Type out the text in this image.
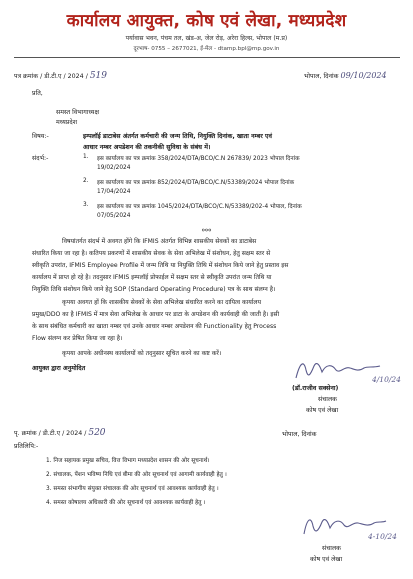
कार्यालय आयुक्त, कोष एवं लेखा, मध्यप्रदेश
पर्यावास भवन, पंचम तल, खंड-अ, जेल रोड़, अरेरा हिल्स, भोपाल (म.प्र)
दूरभाष- 0755 – 2677021, ई-मेल - dtamp.bpl@mp.gov.in
पत्र क्रमांक / डी.टी.ए / 2024 / 519	भोपाल, दिनांक 09/10/2024
प्रति,
समस्त विभागाध्यक्ष
मध्यप्रदेश
विषय:-	इम्पलॉई डाटाबेस अंतर्गत कर्मचारी की जन्म तिथि, नियुक्ति दिनांक, खाता नम्बर एवं
आधार नम्बर अपडेशन की तकनीकी सुविधा के संबंध में।
संदर्भ:-	1. इस कार्यालय का पत्र क्रमांक 358/2024/DTA/BCO/C.N 267839/ 2023 भोपाल दिनांक
19/02/2024
2. इस कार्यालय का पत्र क्रमांक 852/2024/DTA/BCO/C.N/53389/2024 भोपाल दिनांक
17/04/2024
3. इस कार्यालय का पत्र क्रमांक 1045/2024/DTA/BCO/C.N/53389/202-4 भोपाल, दिनांक
07/05/2024
०००
विषयांतर्गत संदर्भ में अवगत होंगे कि IFMIS अंतर्गत विभिन्न शासकीय सेवकों का डाटाबेस
संधारित किया जा रहा है। कतिपय प्रकरणों में शासकीय सेवक के सेवा अभिलेख में संशोधन, हेतु सक्षम स्तर से
स्वीकृति उपरांत, IFMIS Employee Profile में जन्म तिथि या नियुक्ति तिथि में संशोधन किये जाने हेतु प्रस्ताव इस
कार्यालय में प्राप्त हो रहे है। तदनुसार IFMIS इम्पलॉई प्रोफाईल में सक्षम स्तर से स्वीकृति उपरांत जन्म तिथि या
नियुक्ति तिथि संशोधन किये जाने हेतु SOP (Standard Operating Procedure) पत्र के साथ संलग्न है।
कृपया अवगत हों कि शासकीय सेवकों के सेवा अभिलेख संधारित करने का दायित्व कार्यालय
प्रमुख/DDO का है IFMIS में मात्र सेवा अभिलेख के आधार पर डाटा के अपडेशन की कार्यवाही की जाती है। इसी
के साथ संबंधित कर्मचारी का खाता नम्बर एवं उनके आधार नम्बर अपडेशन की Functionality हेतु Process
Flow संलग्न कर प्रेषित किया जा रहा है।
कृपया आपके अधीनस्थ कार्यालयों को तद्नुसार सूचित करने का कष्ट करें।
आयुक्त द्वारा अनुमोदित
4/10/24
(डॉ.राजीव सक्सेना)
संचालक
कोष एवं लेखा
पृ. क्रमांक / डी.टी.ए / 2024 / 520	भोपाल, दिनांक
प्रतिलिपि:-
1. निज सहायक प्रमुख सचिव, वित्त विभाग मध्यप्रदेश शासन की ओर सूचनार्थ।
2. संचालक, पेंशन भविष्य निधि एवं बीमा की ओर सूचनार्थ एवं आगामी कार्यवाही हेतु ।
3. समस्त संभागीय संयुक्त संचालक की ओर सूचनार्थ एवं आवश्यक कार्यवाही हेतु ।
4. समस्त कोषालय अधिकारी की ओर सूचनार्थ एवं आवश्यक कार्यवाही हेतु ।
4-10/24
संचालक
कोष एवं लेखा
